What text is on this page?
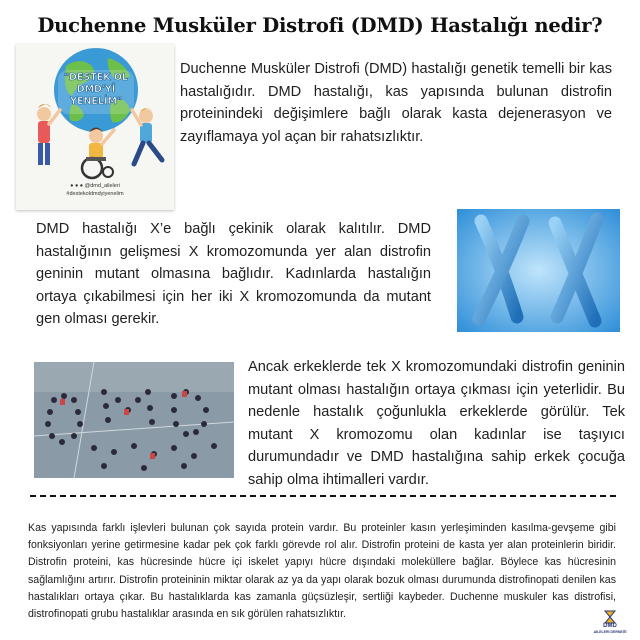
Duchenne Musküler Distrofi (DMD) Hastalığı nedir?
"DESTEK OL
DMD'Yİ
YENELİM"
● ● ● @dmd_aileleri
#destekoldmdyiyenelim
Duchenne Musküler Distrofi (DMD) hastalığı genetik temelli bir kas hastalığıdır. DMD hastalığı, kas yapısında bulunan distrofin proteinindeki değişimlere bağlı olarak kasta dejenerasyon ve zayıflamaya yol açan bir rahatsızlıktır.
DMD hastalığı X’e bağlı çekinik olarak kalıtılır. DMD hastalığının gelişmesi X kromozomunda yer alan distrofin geninin mutant olmasına bağlıdır. Kadınlarda hastalığın ortaya çıkabilmesi için her iki X kromozomunda da mutant gen olması gerekir.
Ancak erkeklerde tek X kromozomundaki distrofin geninin mutant olması hastalığın ortaya çıkması için yeterlidir. Bu nedenle hastalık çoğunlukla erkeklerde görülür. Tek mutant X kromozomu olan kadınlar ise taşıyıcı durumundadır ve DMD hastalığına sahip erkek çocuğa sahip olma ihtimalleri vardır.
Kas yapısında farklı işlevleri bulunan çok sayıda protein vardır. Bu proteinler kasın yerleşiminden kasılma-gevşeme gibi fonksiyonları yerine getirmesine kadar pek çok farklı görevde rol alır. Distrofin proteini de kasta yer alan proteinlerin biridir. Distrofin proteini, kas hücresinde hücre içi iskelet yapıyı hücre dışındaki moleküllere bağlar. Böylece kas hücresinin sağlamlığını artırır. Distrofin proteininin miktar olarak az ya da yapı olarak bozuk olması durumunda distrofinopati denilen kas hastalıkları ortaya çıkar. Bu hastalıklarda kas zamanla güçsüzleşir, sertliği kaybeder. Duchenne muskuler kas distrofisi, distrofinopati grubu hastalıklar arasında en sık görülen rahatsızlıktır.
DMD
AİLELERİ DERNEĞİ
